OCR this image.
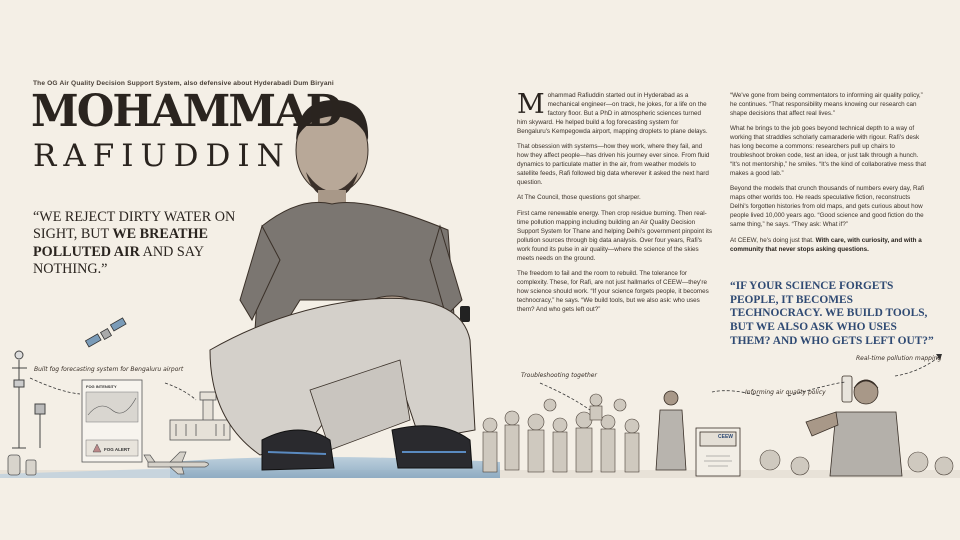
The OG Air Quality Decision Support System, also defensive about Hyderabadi Dum Biryani
MOHAMMAD
RAFIUDDIN
“WE REJECT DIRTY WATER ON SIGHT, BUT WE BREATHE POLLUTED AIR AND SAY NOTHING.”

Mohammad Rafiuddin started out in Hyderabad as a mechanical engineer—on track, he jokes, for a life on the factory floor. But a PhD in atmospheric sciences turned him skyward. He helped build a fog forecasting system for Bengaluru's Kempegowda airport, mapping droplets to plane delays.

That obsession with systems—how they work, where they fail, and how they affect people—has driven his journey ever since. From fluid dynamics to particulate matter in the air, from weather models to satellite feeds, Rafi followed big data wherever it asked the next hard question.

At The Council, those questions got sharper.

First came renewable energy. Then crop residue burning. Then real-time pollution mapping including building an Air Quality Decision Support System for Thane and helping Delhi's government pinpoint its pollution sources through big data analysis. Over four years, Rafi's work found its pulse in air quality—where the science of the skies meets needs on the ground.

The freedom to fail and the room to rebuild. The tolerance for complexity. These, for Rafi, are not just hallmarks of CEEW—they're how science should work. “If your science forgets people, it becomes technocracy,” he says. “We build tools, but we also ask: who uses them? And who gets left out?”

“We've gone from being commentators to informing air quality policy,” he continues. “That responsibility means knowing our research can shape decisions that affect real lives.”

What he brings to the job goes beyond technical depth to a way of working that straddles scholarly camaraderie with rigour. Rafi's desk has long become a commons: researchers pull up chairs to troubleshoot broken code, test an idea, or just talk through a hunch. “It's not mentorship,” he smiles. “It's the kind of collaborative mess that makes a good lab.”

Beyond the models that crunch thousands of numbers every day, Rafi maps other worlds too. He reads speculative fiction, reconstructs Delhi's forgotten histories from old maps, and gets curious about how people lived 10,000 years ago. “Good science and good fiction do the same thing,” he says. “They ask: What if?”

At CEEW, he's doing just that. With care, with curiosity, and with a community that never stops asking questions.

“IF YOUR SCIENCE FORGETS PEOPLE, IT BECOMES TECHNOCRACY. WE BUILD TOOLS, BUT WE ALSO ASK WHO USES THEM? AND WHO GETS LEFT OUT?”
Built fog forecasting system for Bengaluru airport
Troubleshooting together
Informing air quality policy
Real-time pollution mapping
FOG INTENSITY
FOG ALERT
CEEW
